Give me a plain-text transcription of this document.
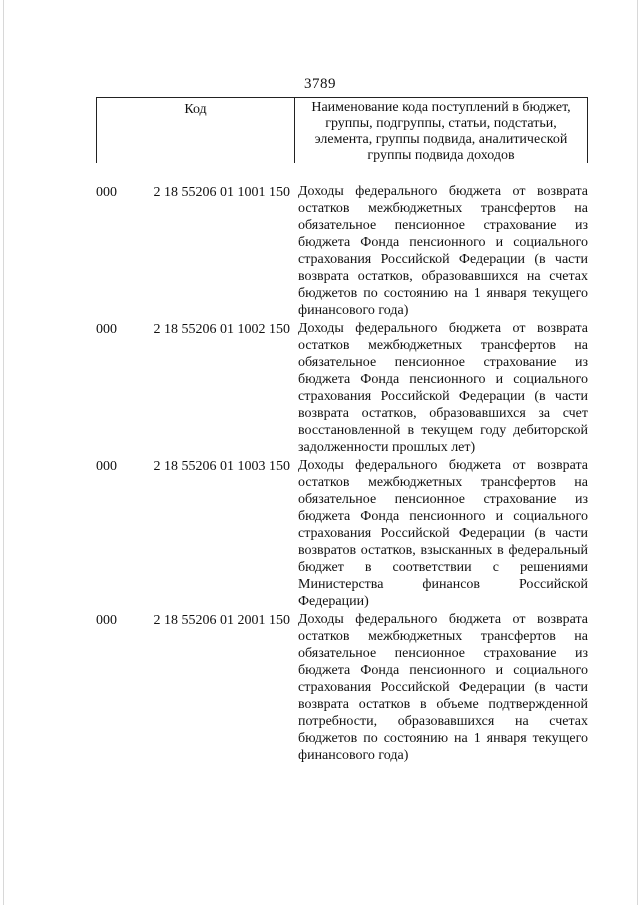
3789
Код	Наименование кода поступлений в бюджет, группы, подгруппы, статьи, подстатьи, элемента, группы подвида, аналитической группы подвида доходов
000	2 18 55206 01 1001 150 Доходы федерального бюджета от возврата остатков межбюджетных трансфертов на обязательное пенсионное страхование из бюджета Фонда пенсионного и социального страхования Российской Федерации (в части возврата остатков, образовавшихся на счетах бюджетов по состоянию на 1 января текущего финансового года)
000	2 18 55206 01 1002 150 Доходы федерального бюджета от возврата остатков межбюджетных трансфертов на обязательное пенсионное страхование из бюджета Фонда пенсионного и социального страхования Российской Федерации (в части возврата остатков, образовавшихся за счет восстановленной в текущем году дебиторской задолженности прошлых лет)
000	2 18 55206 01 1003 150 Доходы федерального бюджета от возврата остатков межбюджетных трансфертов на обязательное пенсионное страхование из бюджета Фонда пенсионного и социального страхования Российской Федерации (в части возвратов остатков, взысканных в федеральный бюджет в соответствии с решениями Министерства финансов Российской Федерации)
000	2 18 55206 01 2001 150 Доходы федерального бюджета от возврата остатков межбюджетных трансфертов на обязательное пенсионное страхование из бюджета Фонда пенсионного и социального страхования Российской Федерации (в части возврата остатков в объеме подтвержденной потребности, образовавшихся на счетах бюджетов по состоянию на 1 января текущего финансового года)
